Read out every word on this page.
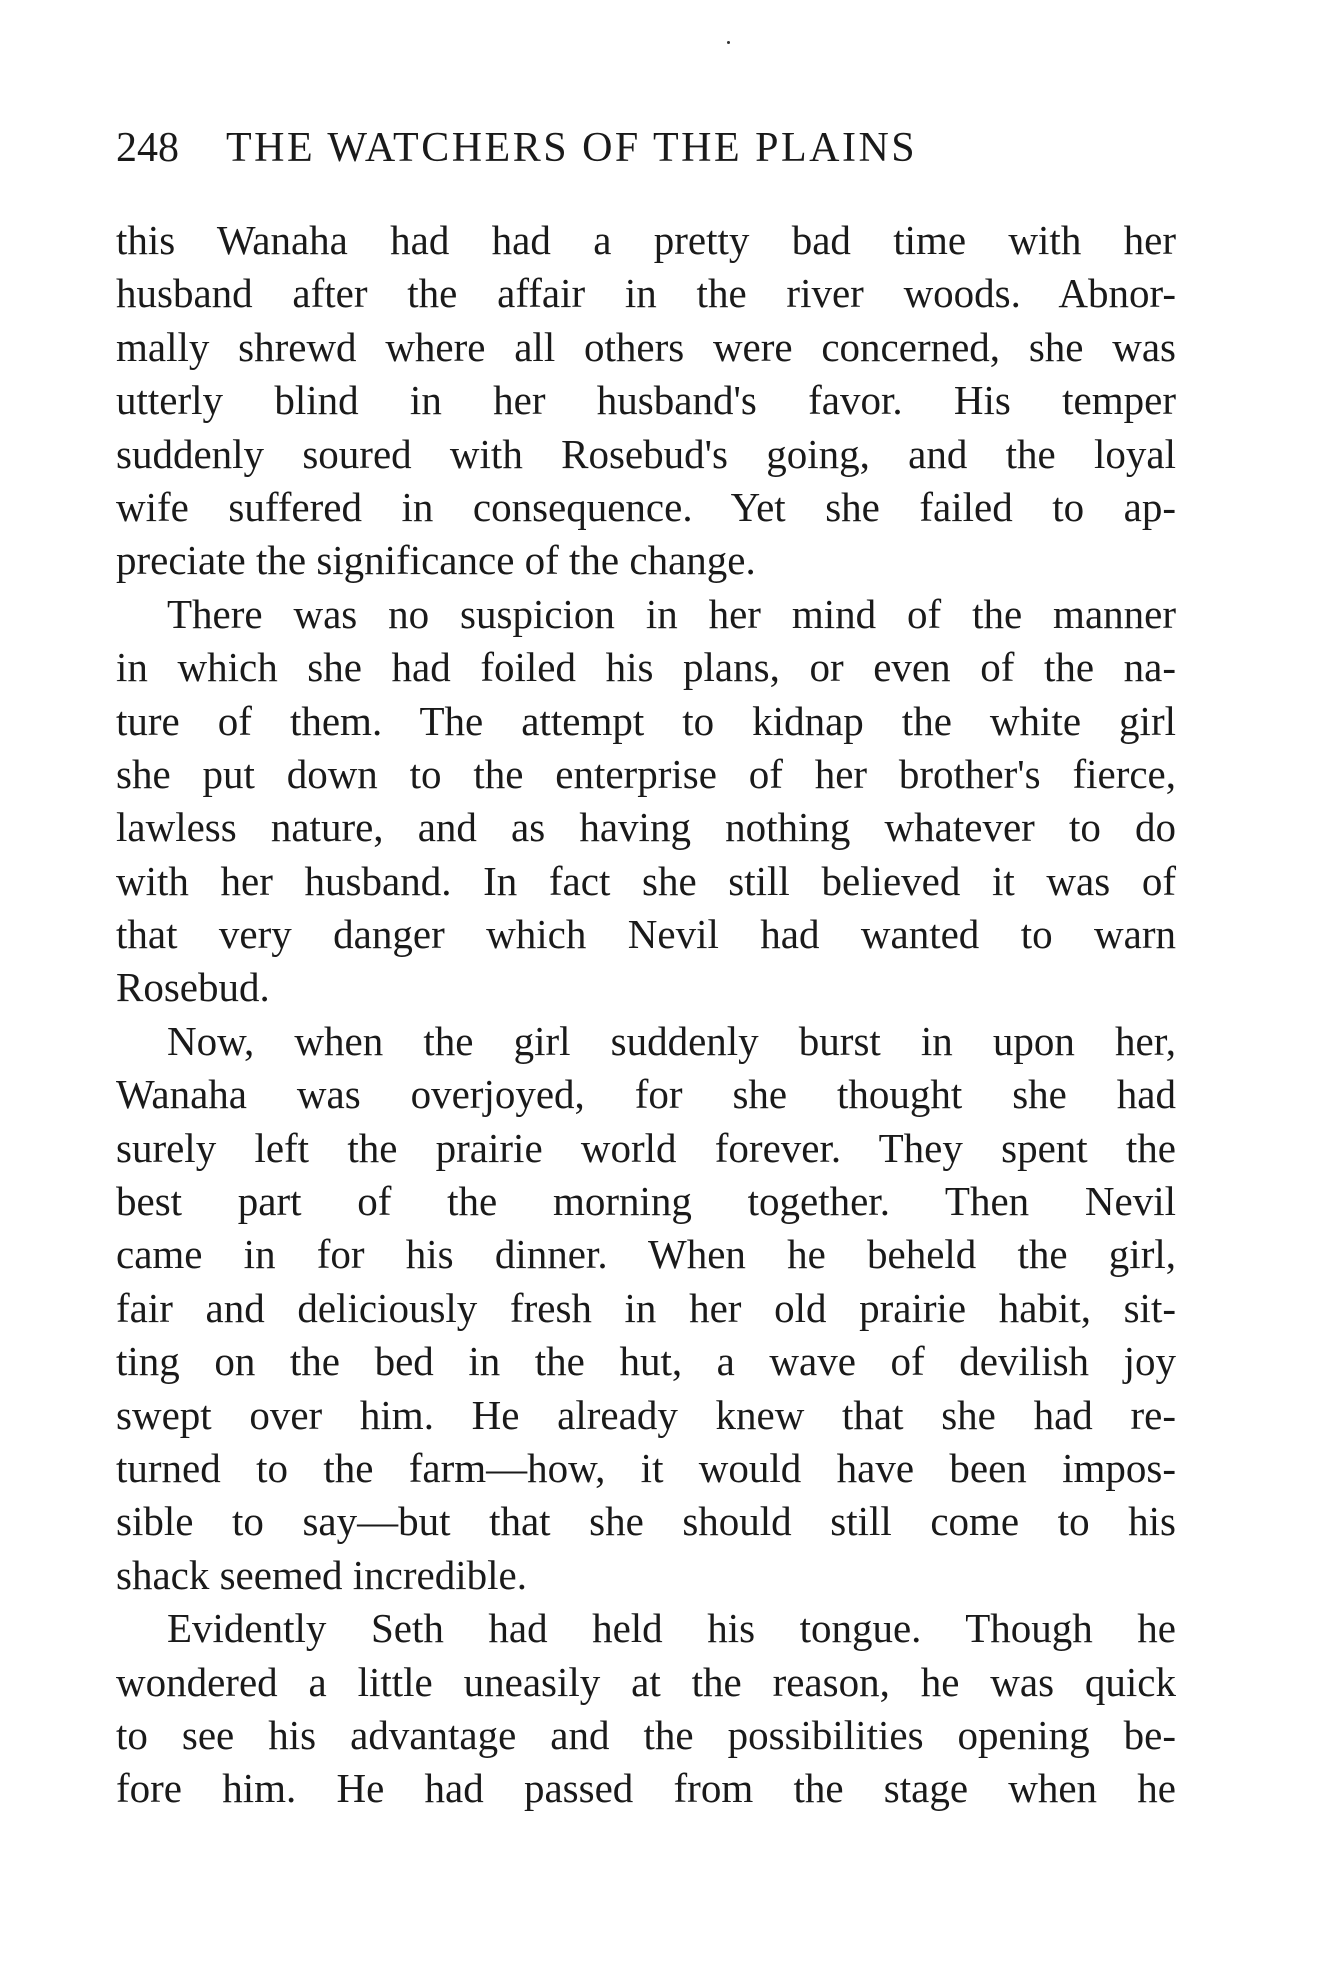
248 THE WATCHERS OF THE PLAINS
this Wanaha had had a pretty bad time with her
husband after the affair in the river woods. Abnor-
mally shrewd where all others were concerned, she was
utterly blind in her husband's favor. His temper
suddenly soured with Rosebud's going, and the loyal
wife suffered in consequence. Yet she failed to ap-
preciate the significance of the change.
There was no suspicion in her mind of the manner
in which she had foiled his plans, or even of the na-
ture of them. The attempt to kidnap the white girl
she put down to the enterprise of her brother's fierce,
lawless nature, and as having nothing whatever to do
with her husband. In fact she still believed it was of
that very danger which Nevil had wanted to warn
Rosebud.
Now, when the girl suddenly burst in upon her,
Wanaha was overjoyed, for she thought she had
surely left the prairie world forever. They spent the
best part of the morning together. Then Nevil
came in for his dinner. When he beheld the girl,
fair and deliciously fresh in her old prairie habit, sit-
ting on the bed in the hut, a wave of devilish joy
swept over him. He already knew that she had re-
turned to the farm—how, it would have been impos-
sible to say—but that she should still come to his
shack seemed incredible.
Evidently Seth had held his tongue. Though he
wondered a little uneasily at the reason, he was quick
to see his advantage and the possibilities opening be-
fore him. He had passed from the stage when he
